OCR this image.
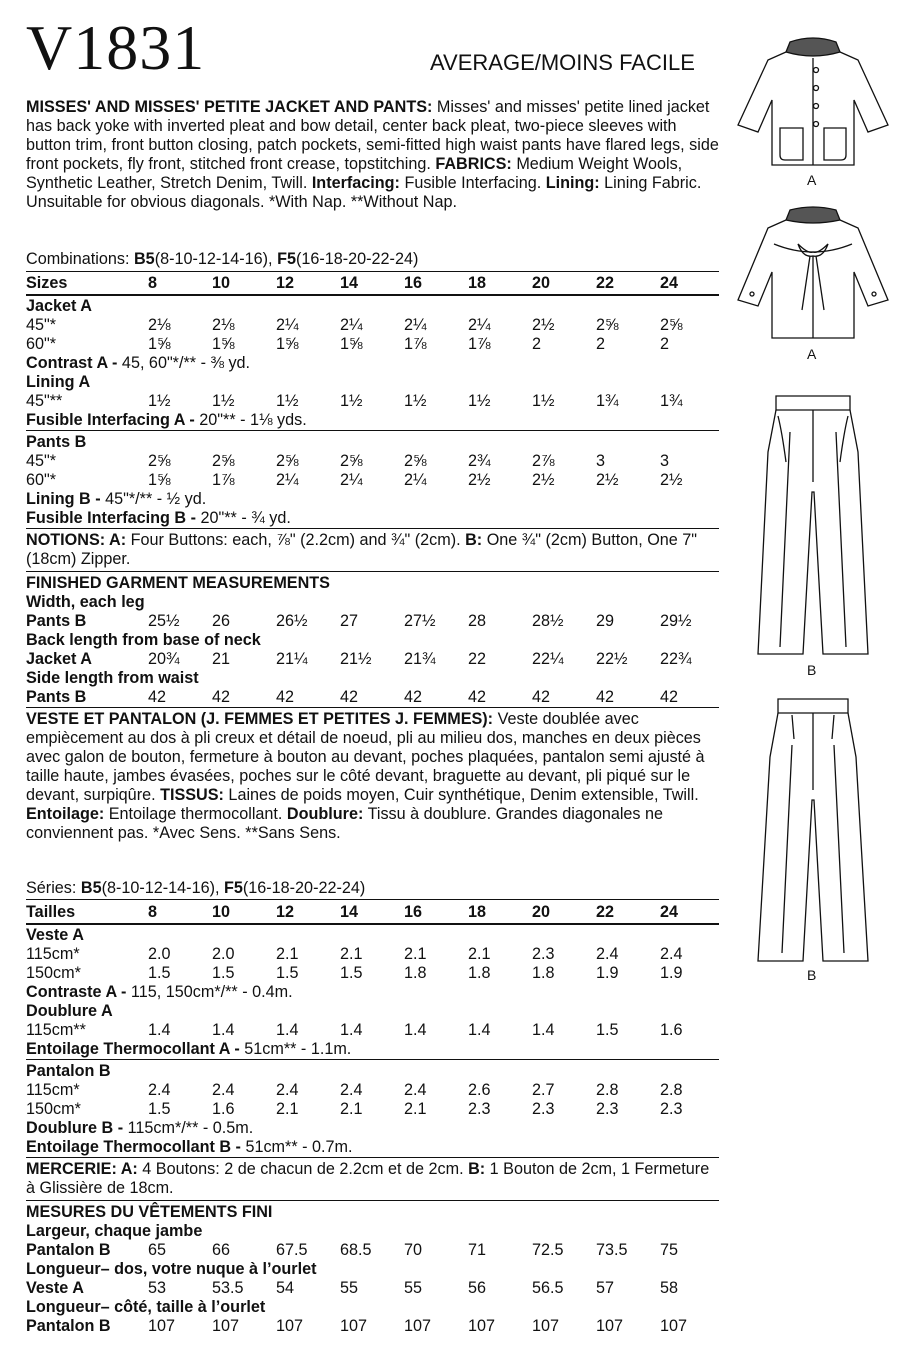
V1831	AVERAGE/MOINS FACILE
MISSES' AND MISSES' PETITE JACKET AND PANTS: Misses' and misses' petite lined jacket has back yoke with inverted pleat and bow detail, center back pleat, two-piece sleeves with button trim, front button closing, patch pockets, semi-fitted high waist pants have flared legs, side front pockets, fly front, stitched front crease, topstitching. FABRICS: Medium Weight Wools, Synthetic Leather, Stretch Denim, Twill. Interfacing: Fusible Interfacing. Lining: Lining Fabric. Unsuitable for obvious diagonals. *With Nap. **Without Nap.
Combinations: B5(8-10-12-14-16), F5(16-18-20-22-24)
Sizes	8	10	12	14	16	18	20	22	24
Jacket A
45"*	2⅛	2⅛	2¼	2¼	2¼	2¼	2½	2⅝	2⅝
60"*	1⅝	1⅝	1⅝	1⅝	1⅞	1⅞	2	2	2
Contrast A - 45, 60"*/** - ⅜ yd.
Lining A
45"**	1½	1½	1½	1½	1½	1½	1½	1¾	1¾
Fusible Interfacing A - 20"** - 1⅛ yds.
Pants B
45"*	2⅝	2⅝	2⅝	2⅝	2⅝	2¾	2⅞	3	3
60"*	1⅝	1⅞	2¼	2¼	2¼	2½	2½	2½	2½
Lining B - 45"*/** - ½ yd.
Fusible Interfacing B - 20"** - ¾ yd.
NOTIONS: A: Four Buttons: each, ⅞" (2.2cm) and ¾" (2cm). B: One ¾" (2cm) Button, One 7" (18cm) Zipper.
FINISHED GARMENT MEASUREMENTS
Width, each leg
Pants B	25½ 26	26½ 27	27½ 28	28½ 29	29½
Back length from base of neck
Jacket A	20¾ 21	21¼ 21½ 21¾ 22	22¼ 22½ 22¾
Side length from waist
Pants B	42	42	42	42	42	42	42	42	42
VESTE ET PANTALON (J. FEMMES ET PETITES J. FEMMES): Veste doublée avec empiècement au dos à pli creux et détail de noeud, pli au milieu dos, manches en deux pièces avec galon de bouton, fermeture à bouton au devant, poches plaquées, pantalon semi ajusté à taille haute, jambes évasées, poches sur le côté devant, braguette au devant, pli piqué sur le devant, surpiqûre. TISSUS: Laines de poids moyen, Cuir synthétique, Denim extensible, Twill. Entoilage: Entoilage thermocollant. Doublure: Tissu à doublure. Grandes diagonales ne conviennent pas. *Avec Sens. **Sans Sens.
Séries: B5(8-10-12-14-16), F5(16-18-20-22-24)
Tailles	8	10	12	14	16	18	20	22	24
Veste A
115cm*	2.0	2.0	2.1	2.1	2.1	2.1	2.3	2.4	2.4
150cm*	1.5	1.5	1.5	1.5	1.8	1.8	1.8	1.9	1.9
Contraste A - 115, 150cm*/** - 0.4m.
Doublure A
115cm**	1.4	1.4	1.4	1.4	1.4	1.4	1.4	1.5	1.6
Entoilage Thermocollant A - 51cm** - 1.1m.
Pantalon B
115cm*	2.4	2.4	2.4	2.4	2.4	2.6	2.7	2.8	2.8
150cm*	1.5	1.6	2.1	2.1	2.1	2.3	2.3	2.3	2.3
Doublure B - 115cm*/** - 0.5m.
Entoilage Thermocollant B - 51cm** - 0.7m.
MERCERIE: A: 4 Boutons: 2 de chacun de 2.2cm et de 2cm. B: 1 Bouton de 2cm, 1 Fermeture à Glissière de 18cm.
MESURES DU VÊTEMENTS FINI
Largeur, chaque jambe
Pantalon B 65	66	67.5 68.5 70	71	72.5 73.5 75
Longueur– dos, votre nuque à l’ourlet
Veste A	53	53.5 54	55	55	56	56.5 57	58
Longueur– côté, taille à l’ourlet
Pantalon B 107 107 107 107 107 107 107 107 107
A
A
B
B
